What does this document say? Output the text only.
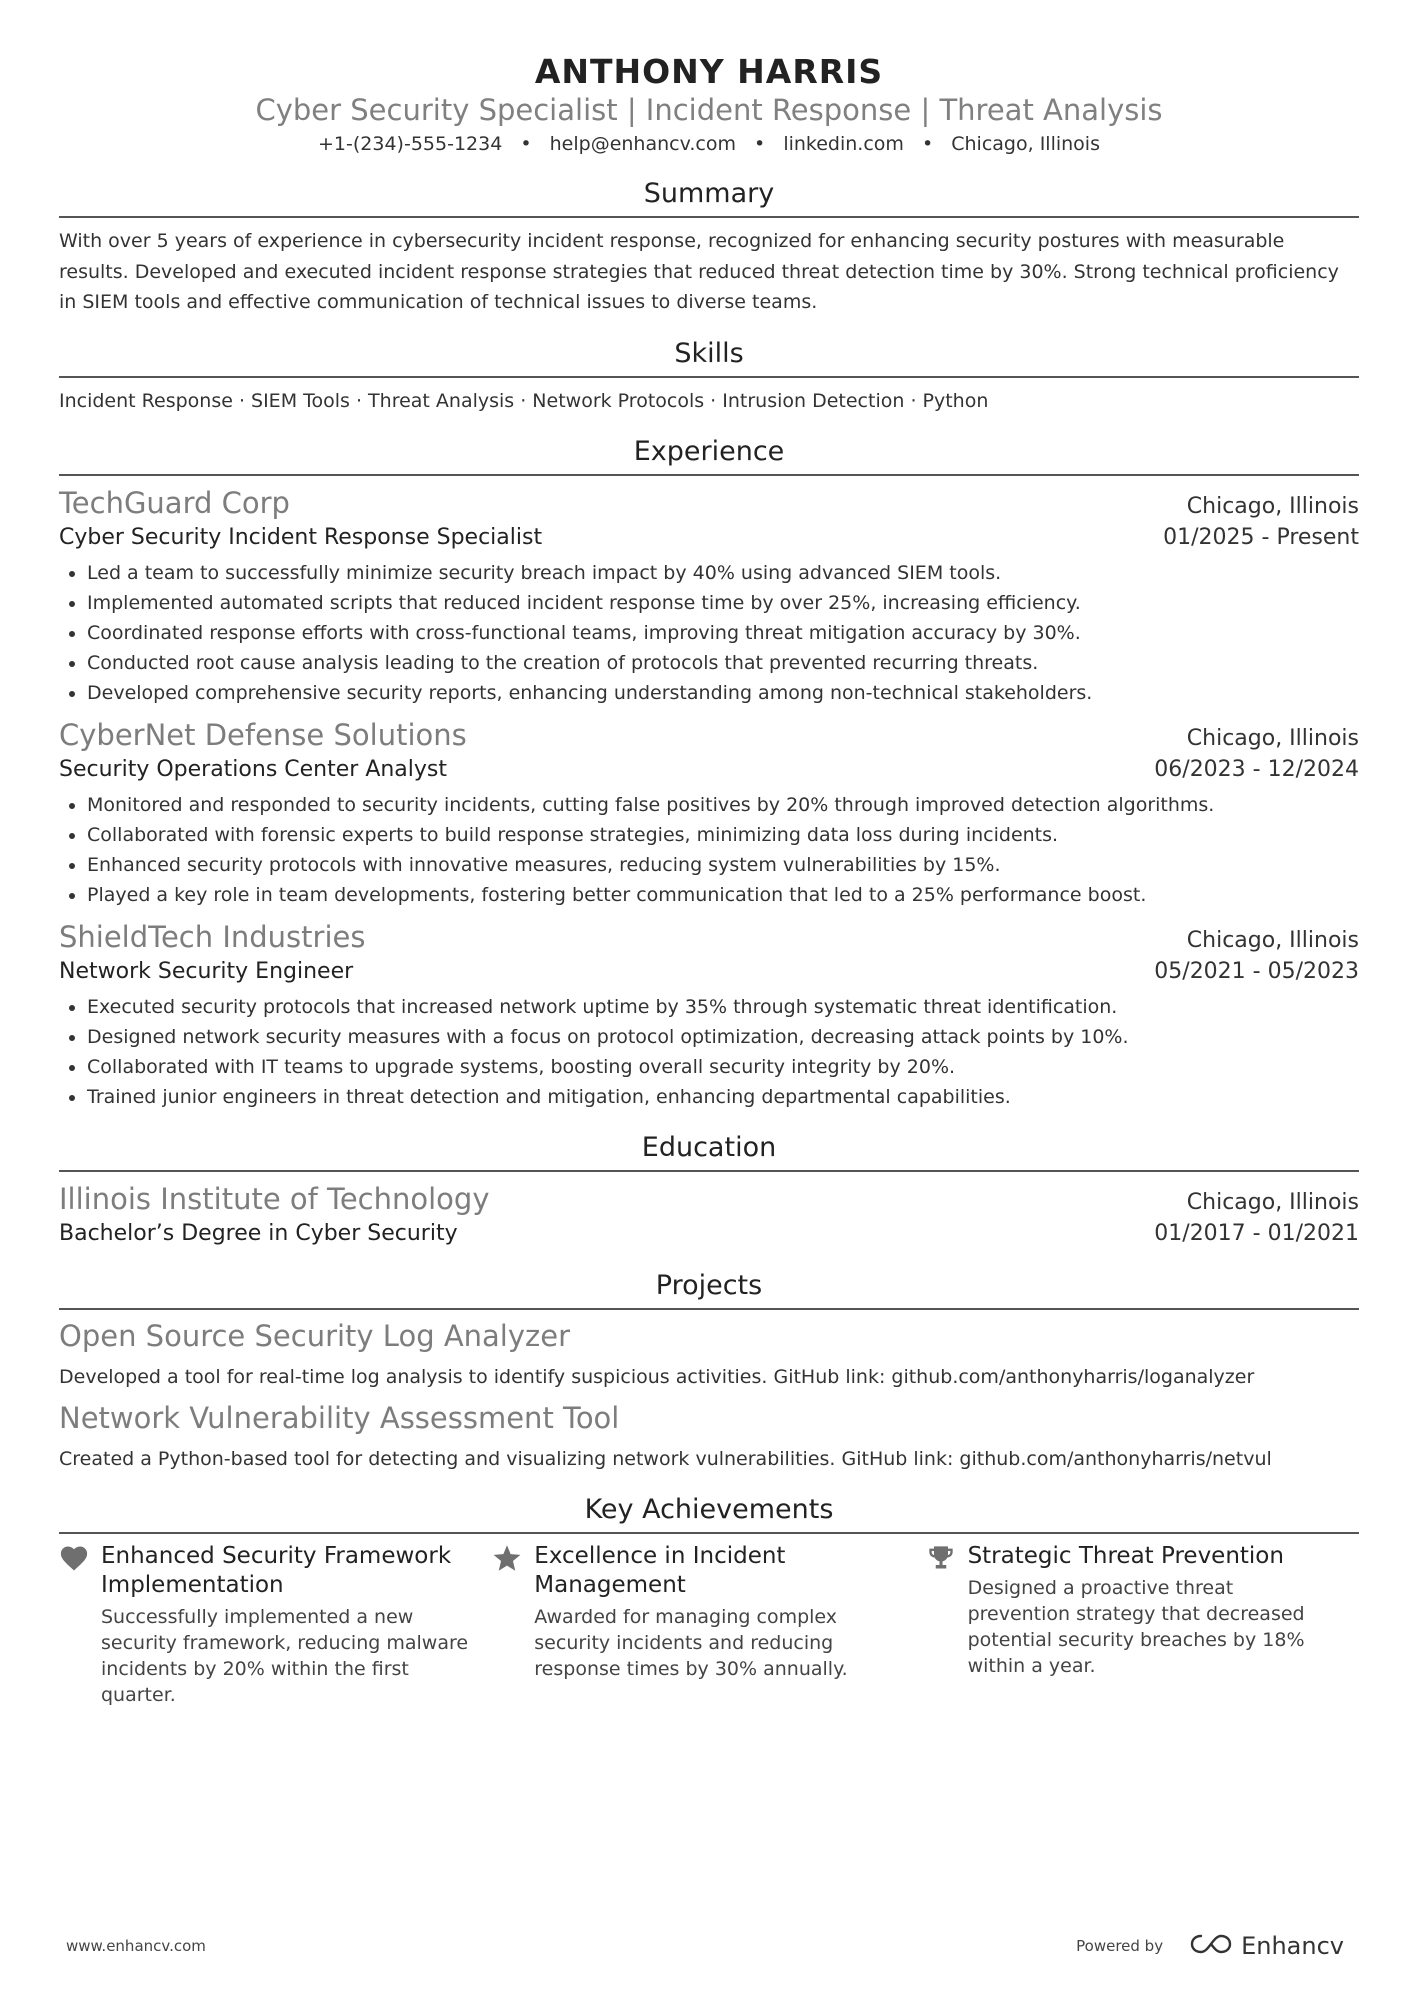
ANTHONY HARRIS
Cyber Security Specialist | Incident Response | Threat Analysis
+1-(234)-555-1234 • help@enhancv.com • linkedin.com • Chicago, Illinois
Summary
With over 5 years of experience in cybersecurity incident response, recognized for enhancing security postures with measurable results. Developed and executed incident response strategies that reduced threat detection time by 30%. Strong technical proficiency in SIEM tools and effective communication of technical issues to diverse teams.
Skills
Incident Response · SIEM Tools · Threat Analysis · Network Protocols · Intrusion Detection · Python
Experience
TechGuard Corp	Chicago, Illinois
Cyber Security Incident Response Specialist	01/2025 - Present
• Led a team to successfully minimize security breach impact by 40% using advanced SIEM tools.
• Implemented automated scripts that reduced incident response time by over 25%, increasing efficiency.
• Coordinated response efforts with cross-functional teams, improving threat mitigation accuracy by 30%.
• Conducted root cause analysis leading to the creation of protocols that prevented recurring threats.
• Developed comprehensive security reports, enhancing understanding among non-technical stakeholders.
CyberNet Defense Solutions	Chicago, Illinois
Security Operations Center Analyst	06/2023 - 12/2024
• Monitored and responded to security incidents, cutting false positives by 20% through improved detection algorithms.
• Collaborated with forensic experts to build response strategies, minimizing data loss during incidents.
• Enhanced security protocols with innovative measures, reducing system vulnerabilities by 15%.
• Played a key role in team developments, fostering better communication that led to a 25% performance boost.
ShieldTech Industries	Chicago, Illinois
Network Security Engineer	05/2021 - 05/2023
• Executed security protocols that increased network uptime by 35% through systematic threat identification.
• Designed network security measures with a focus on protocol optimization, decreasing attack points by 10%.
• Collaborated with IT teams to upgrade systems, boosting overall security integrity by 20%.
• Trained junior engineers in threat detection and mitigation, enhancing departmental capabilities.
Education
Illinois Institute of Technology	Chicago, Illinois
Bachelor’s Degree in Cyber Security	01/2017 - 01/2021
Projects
Open Source Security Log Analyzer
Developed a tool for real-time log analysis to identify suspicious activities. GitHub link: github.com/anthonyharris/loganalyzer
Network Vulnerability Assessment Tool
Created a Python-based tool for detecting and visualizing network vulnerabilities. GitHub link: github.com/anthonyharris/netvul
Key Achievements
Enhanced Security Framework Implementation
Successfully implemented a new security framework, reducing malware incidents by 20% within the first quarter.
Excellence in Incident Management
Awarded for managing complex security incidents and reducing response times by 30% annually.
Strategic Threat Prevention
Designed a proactive threat prevention strategy that decreased potential security breaches by 18% within a year.
www.enhancv.com	Powered by	Enhancv
